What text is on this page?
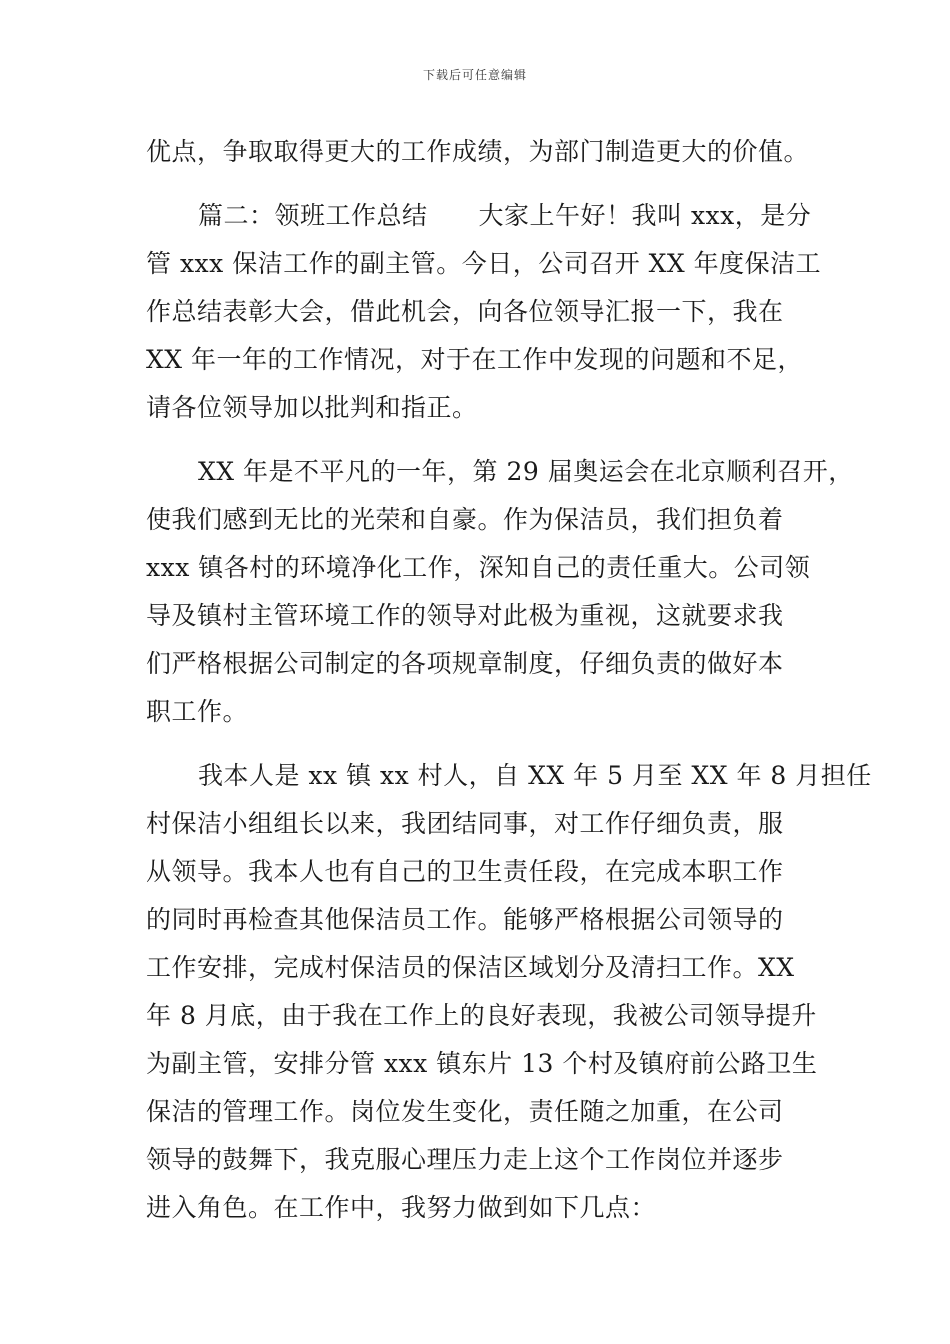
下载后可任意编辑
优点，争取取得更大的工作成绩，为部门制造更大的价值。
篇二：领班工作总结　　大家上午好！我叫 xxx，是分
管 xxx 保洁工作的副主管。今日，公司召开 XX 年度保洁工
作总结表彰大会，借此机会，向各位领导汇报一下，我在
XX 年一年的工作情况，对于在工作中发现的问题和不足，
请各位领导加以批判和指正。
XX 年是不平凡的一年，第 29 届奥运会在北京顺利召开，
使我们感到无比的光荣和自豪。作为保洁员，我们担负着
xxx 镇各村的环境净化工作，深知自己的责任重大。公司领
导及镇村主管环境工作的领导对此极为重视，这就要求我
们严格根据公司制定的各项规章制度，仔细负责的做好本
职工作。
我本人是 xx 镇 xx 村人，自 XX 年 5 月至 XX 年 8 月担任
村保洁小组组长以来，我团结同事，对工作仔细负责，服
从领导。我本人也有自己的卫生责任段，在完成本职工作
的同时再检查其他保洁员工作。能够严格根据公司领导的
工作安排，完成村保洁员的保洁区域划分及清扫工作。XX
年 8 月底，由于我在工作上的良好表现，我被公司领导提升
为副主管，安排分管 xxx 镇东片 13 个村及镇府前公路卫生
保洁的管理工作。岗位发生变化，责任随之加重，在公司
领导的鼓舞下，我克服心理压力走上这个工作岗位并逐步
进入角色。在工作中，我努力做到如下几点：
